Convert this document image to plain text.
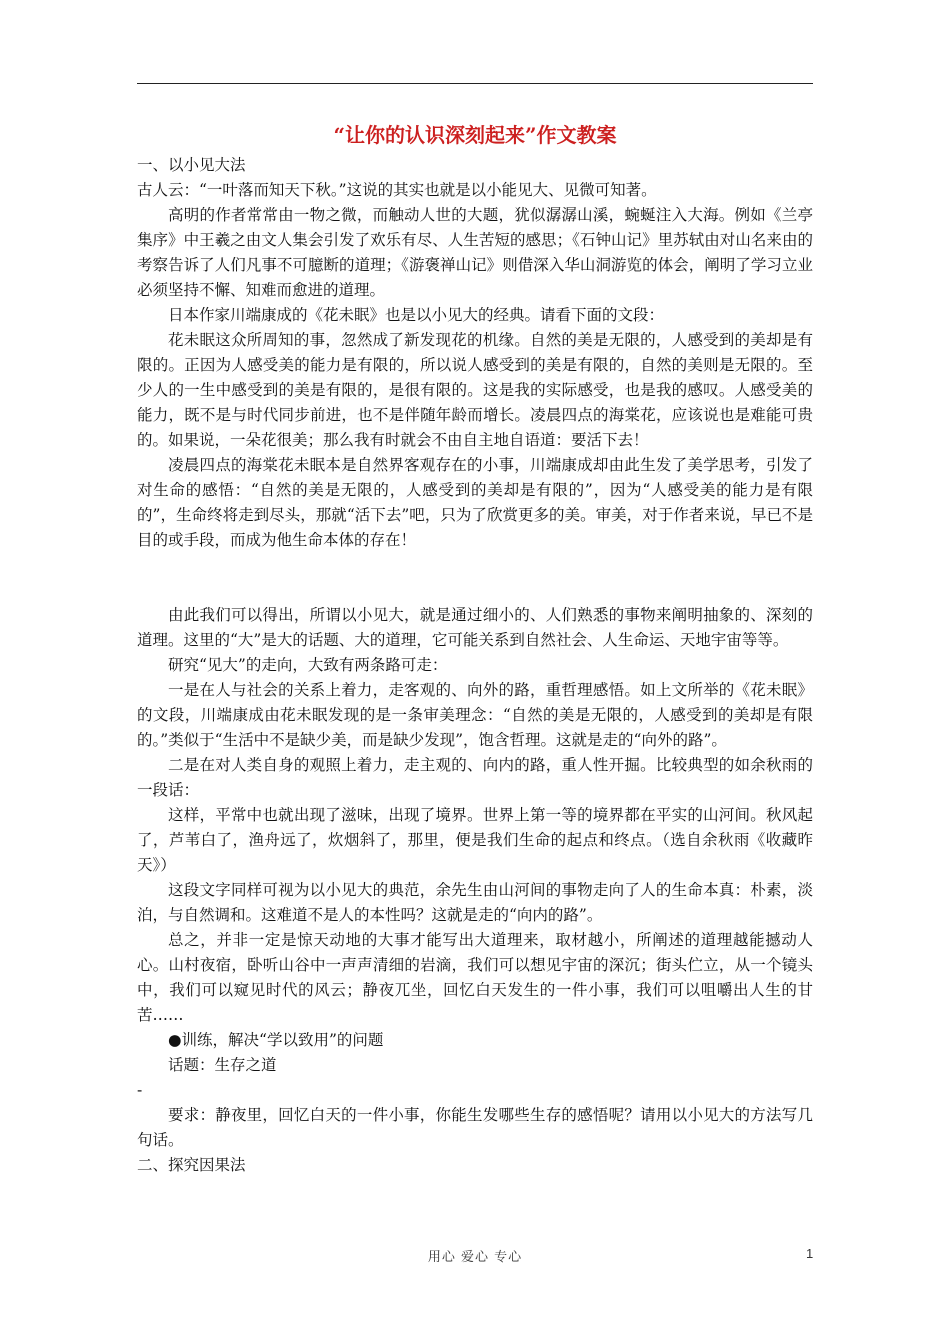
“让你的认识深刻起来”作文教案

一、以小见大法

古人云：“一叶落而知天下秋。”这说的其实也就是以小能见大、见微可知著。

高明的作者常常由一物之微，而触动人世的大题，犹似潺潺山溪，蜿蜒注入大海。例如《兰亭集序》中王羲之由文人集会引发了欢乐有尽、人生苦短的感思；《石钟山记》里苏轼由对山名来由的考察告诉了人们凡事不可臆断的道理；《游褒禅山记》则借深入华山洞游览的体会，阐明了学习立业必须坚持不懈、知难而愈进的道理。

日本作家川端康成的《花未眠》也是以小见大的经典。请看下面的文段：

花未眠这众所周知的事，忽然成了新发现花的机缘。自然的美是无限的，人感受到的美却是有限的。正因为人感受美的能力是有限的，所以说人感受到的美是有限的，自然的美则是无限的。至少人的一生中感受到的美是有限的，是很有限的。这是我的实际感受，也是我的感叹。人感受美的能力，既不是与时代同步前进，也不是伴随年龄而增长。凌晨四点的海棠花，应该说也是难能可贵的。如果说，一朵花很美；那么我有时就会不由自主地自语道：要活下去！

凌晨四点的海棠花未眠本是自然界客观存在的小事，川端康成却由此生发了美学思考，引发了对生命的感悟：“自然的美是无限的，人感受到的美却是有限的”，因为“人感受美的能力是有限的”，生命终将走到尽头，那就“活下去”吧，只为了欣赏更多的美。审美，对于作者来说，早已不是目的或手段，而成为他生命本体的存在！

由此我们可以得出，所谓以小见大，就是通过细小的、人们熟悉的事物来阐明抽象的、深刻的道理。这里的“大”是大的话题、大的道理，它可能关系到自然社会、人生命运、天地宇宙等等。

研究“见大”的走向，大致有两条路可走：

一是在人与社会的关系上着力，走客观的、向外的路，重哲理感悟。如上文所举的《花未眠》的文段，川端康成由花未眠发现的是一条审美理念：“自然的美是无限的，人感受到的美却是有限的。”类似于“生活中不是缺少美，而是缺少发现”，饱含哲理。这就是走的“向外的路”。

二是在对人类自身的观照上着力，走主观的、向内的路，重人性开掘。比较典型的如余秋雨的一段话：

这样，平常中也就出现了滋味，出现了境界。世界上第一等的境界都在平实的山河间。秋风起了，芦苇白了，渔舟远了，炊烟斜了，那里，便是我们生命的起点和终点。（选自余秋雨《收藏昨天》）

这段文字同样可视为以小见大的典范，余先生由山河间的事物走向了人的生命本真：朴素，淡泊，与自然调和。这难道不是人的本性吗？这就是走的“向内的路”。

总之，并非一定是惊天动地的大事才能写出大道理来，取材越小，所阐述的道理越能撼动人心。山村夜宿，卧听山谷中一声声清细的岩滴，我们可以想见宇宙的深沉；街头伫立，从一个镜头中，我们可以窥见时代的风云；静夜兀坐，回忆白天发生的一件小事，我们可以咀嚼出人生的甘苦……

●训练，解决“学以致用”的问题

话题：生存之道

-

要求：静夜里，回忆白天的一件小事，你能生发哪些生存的感悟呢？请用以小见大的方法写几句话。

二、探究因果法

用心 爱心 专心	1
